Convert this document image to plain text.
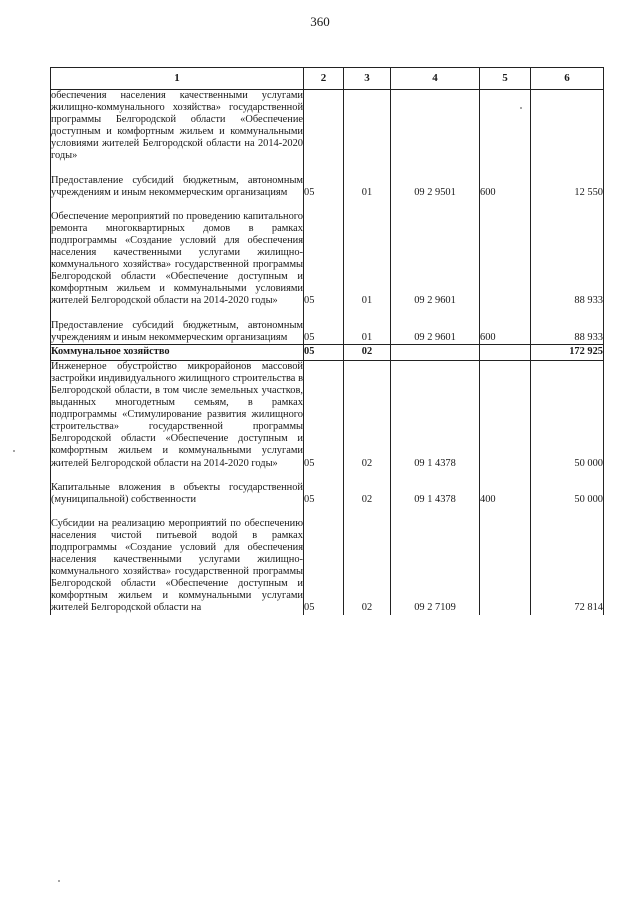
360
1	2	3	4	5	6

обеспечения населения качественными услугами жилищно-коммунального хозяйства» государственной программы Белгородской области «Обеспечение доступным и комфортным жильем и коммунальными условиями жителей Белгородской области на 2014-2020 годы»					

Предоставление субсидий бюджетным, автономным учреждениям и иным некоммерческим организациям	05	01	09 2 9501	600	12 550

Обеспечение мероприятий по проведению капитального ремонта многоквартирных домов в рамках подпрограммы «Создание условий для обеспечения населения качественными услугами жилищно-коммунального хозяйства» государственной программы Белгородской области «Обеспечение доступным и комфортным жильем и коммунальными условиями жителей Белгородской области на 2014-2020 годы»	05	01	09 2 9601		88 933

Предоставление субсидий бюджетным, автономным учреждениям и иным некоммерческим организациям	05	01	09 2 9601	600	88 933

Коммунальное хозяйство	05	02			172 925

Инженерное обустройство микрорайонов массовой застройки индивидуального жилищного строительства в Белгородской области, в том числе земельных участков, выданных многодетным семьям, в рамках подпрограммы «Стимулирование развития жилищного строительства» государственной программы Белгородской области «Обеспечение доступным и комфортным жильем и коммунальными услугами жителей Белгородской области на 2014-2020 годы»	05	02	09 1 4378		50 000

Капитальные вложения в объекты государственной (муниципальной) собственности	05	02	09 1 4378	400	50 000

Субсидии на реализацию мероприятий по обеспечению населения чистой питьевой водой в рамках подпрограммы «Создание условий для обеспечения населения качественными услугами жилищно-коммунального хозяйства» государственной программы Белгородской области «Обеспечение доступным и комфортным жильем и коммунальными услугами жителей Белгородской области на	05	02	09 2 7109		72 814
